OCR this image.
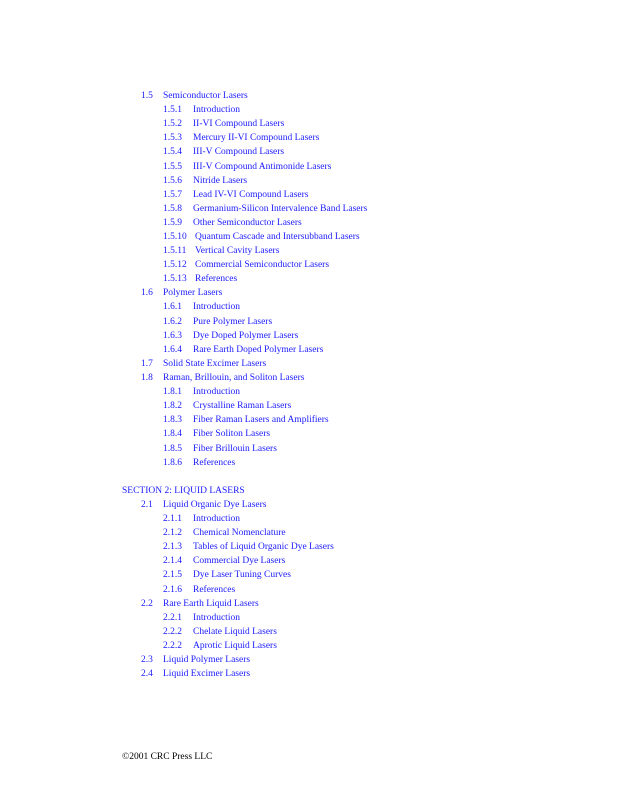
1.5 Semiconductor Lasers
1.5.1 Introduction
1.5.2 II-VI Compound Lasers
1.5.3 Mercury II-VI Compound Lasers
1.5.4 III-V Compound Lasers
1.5.5 III-V Compound Antimonide Lasers
1.5.6 Nitride Lasers
1.5.7 Lead IV-VI Compound Lasers
1.5.8 Germanium-Silicon Intervalence Band Lasers
1.5.9 Other Semiconductor Lasers
1.5.10 Quantum Cascade and Intersubband Lasers
1.5.11 Vertical Cavity Lasers
1.5.12 Commercial Semiconductor Lasers
1.5.13 References
1.6 Polymer Lasers
1.6.1 Introduction
1.6.2 Pure Polymer Lasers
1.6.3 Dye Doped Polymer Lasers
1.6.4 Rare Earth Doped Polymer Lasers
1.7 Solid State Excimer Lasers
1.8 Raman, Brillouin, and Soliton Lasers
1.8.1 Introduction
1.8.2 Crystalline Raman Lasers
1.8.3 Fiber Raman Lasers and Amplifiers
1.8.4 Fiber Soliton Lasers
1.8.5 Fiber Brillouin Lasers
1.8.6 References
SECTION 2: LIQUID LASERS
2.1 Liquid Organic Dye Lasers
2.1.1 Introduction
2.1.2 Chemical Nomenclature
2.1.3 Tables of Liquid Organic Dye Lasers
2.1.4 Commercial Dye Lasers
2.1.5 Dye Laser Tuning Curves
2.1.6 References
2.2 Rare Earth Liquid Lasers
2.2.1 Introduction
2.2.2 Chelate Liquid Lasers
2.2.2 Aprotic Liquid Lasers
2.3 Liquid Polymer Lasers
2.4 Liquid Excimer Lasers
©2001 CRC Press LLC
